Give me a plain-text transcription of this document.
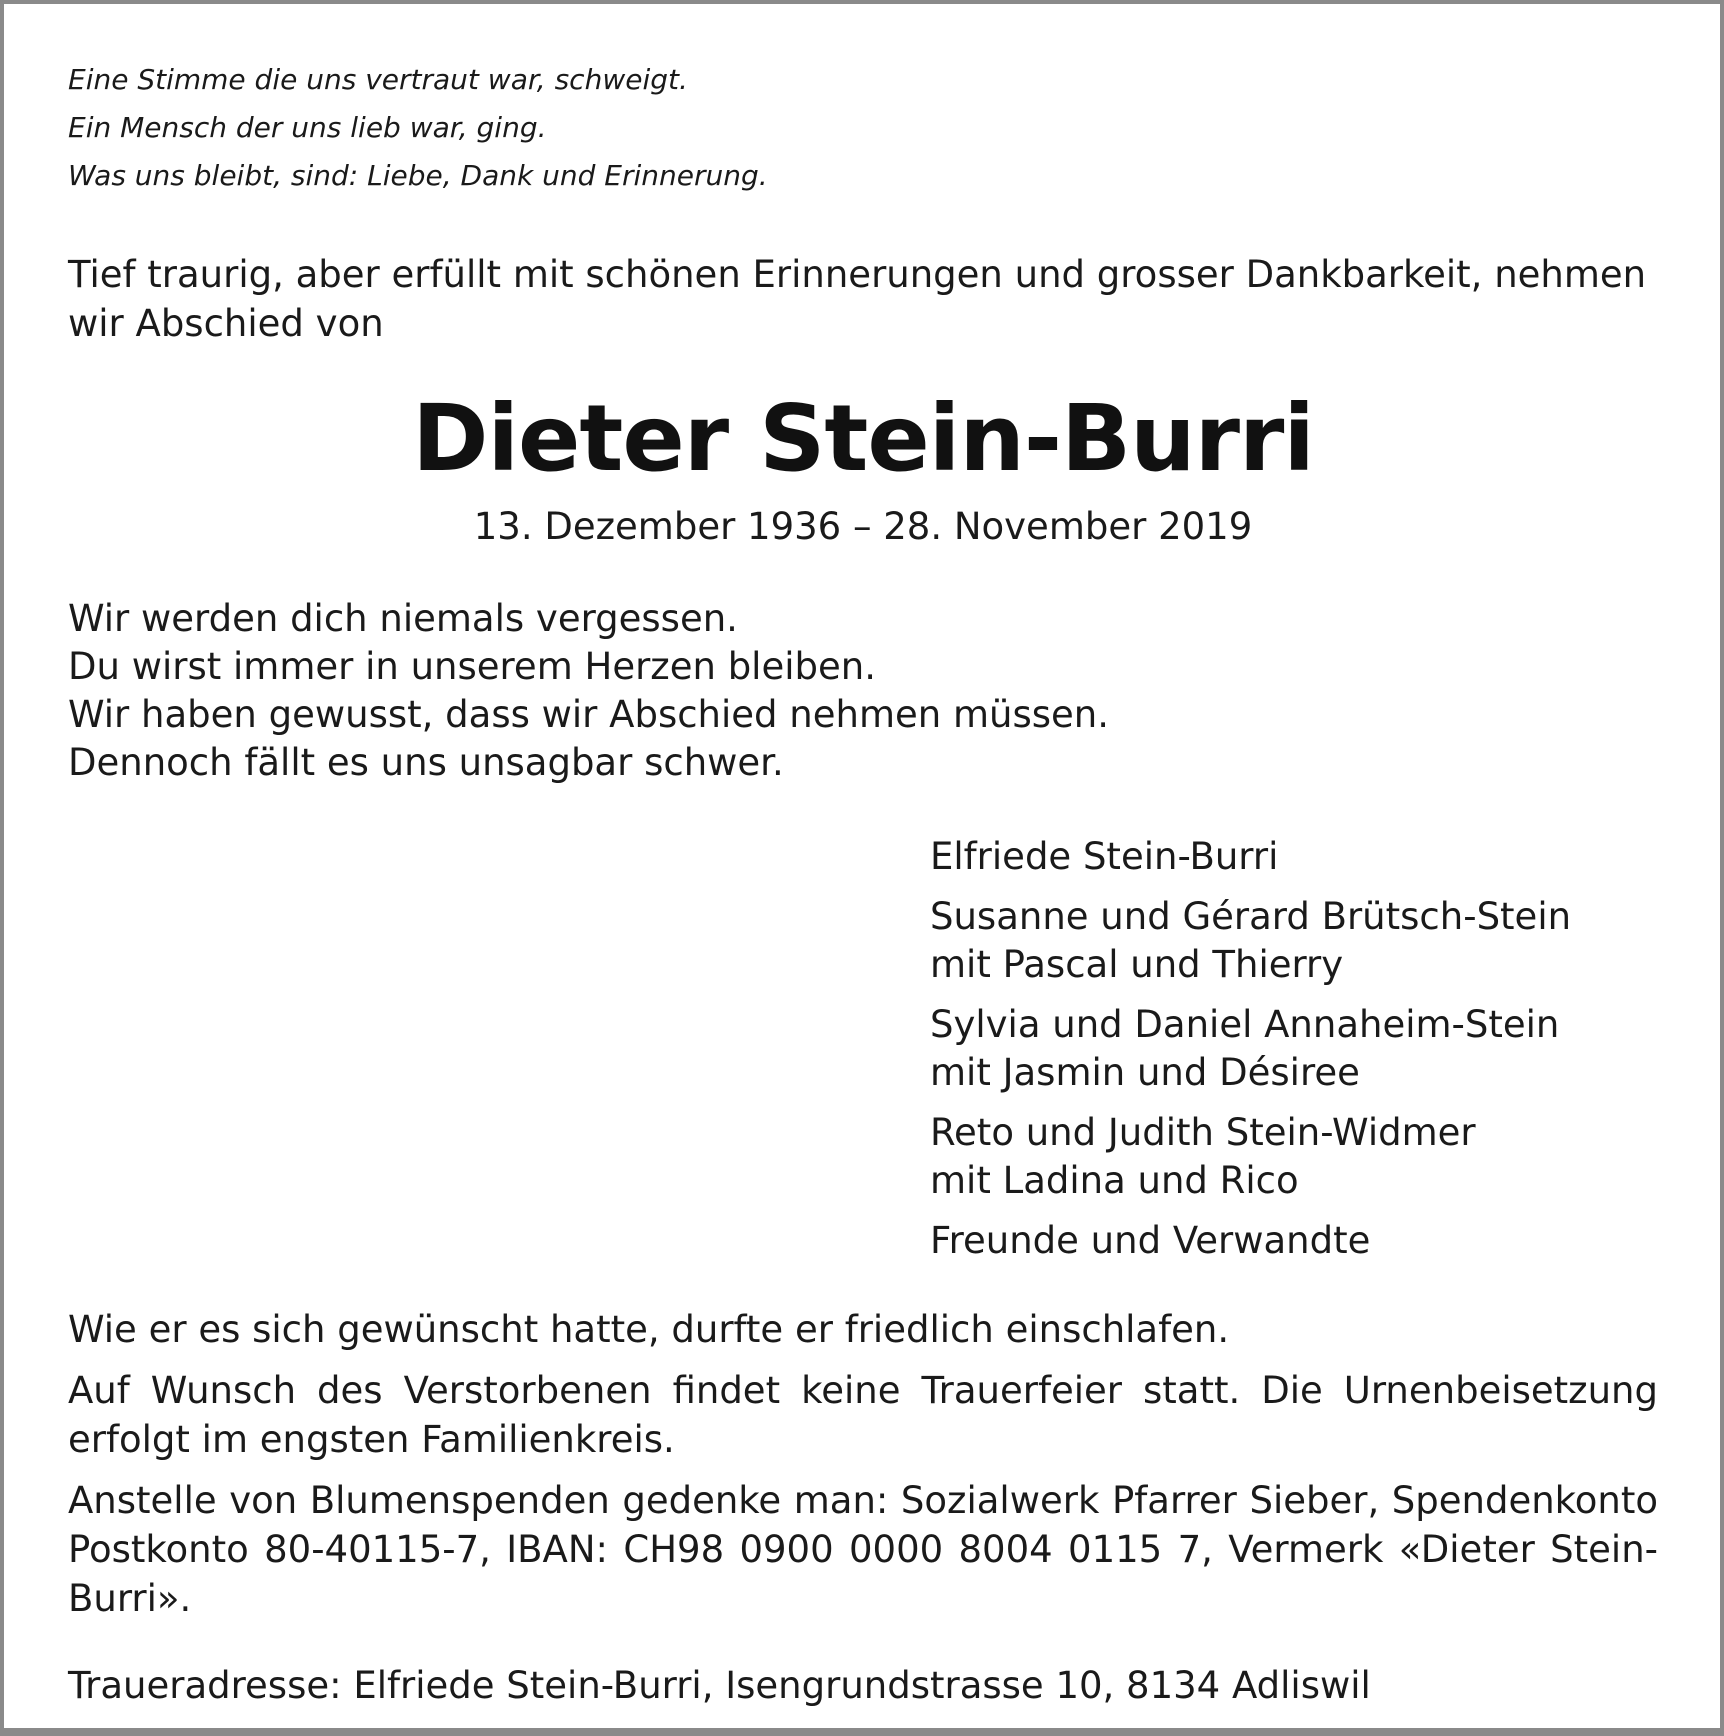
Eine Stimme die uns vertraut war, schweigt.

Ein Mensch der uns lieb war, ging.

Was uns bleibt, sind: Liebe, Dank und Erinnerung.

Tief traurig, aber erfüllt mit schönen Erinnerungen und grosser Dankbarkeit, nehmen wir Abschied von

Dieter Stein-Burri

13. Dezember 1936 – 28. November 2019

Wir werden dich niemals vergessen.

Du wirst immer in unserem Herzen bleiben.

Wir haben gewusst, dass wir Abschied nehmen müssen.

Dennoch fällt es uns unsagbar schwer.

Elfriede Stein-Burri

Susanne und Gérard Brütsch-Stein

mit Pascal und Thierry

Sylvia und Daniel Annaheim-Stein

mit Jasmin und Désiree

Reto und Judith Stein-Widmer

mit Ladina und Rico

Freunde und Verwandte

Wie er es sich gewünscht hatte, durfte er friedlich einschlafen.

Auf Wunsch des Verstorbenen findet keine Trauerfeier statt. Die Urnenbeisetzung erfolgt im engsten Familienkreis.

Anstelle von Blumenspenden gedenke man: Sozialwerk Pfarrer Sieber, Spendenkonto Postkonto 80-40115-7, IBAN: CH98 0900 0000 8004 0115 7, Vermerk «Dieter Stein-Burri».

Traueradresse: Elfriede Stein-Burri, Isengrundstrasse 10, 8134 Adliswil
